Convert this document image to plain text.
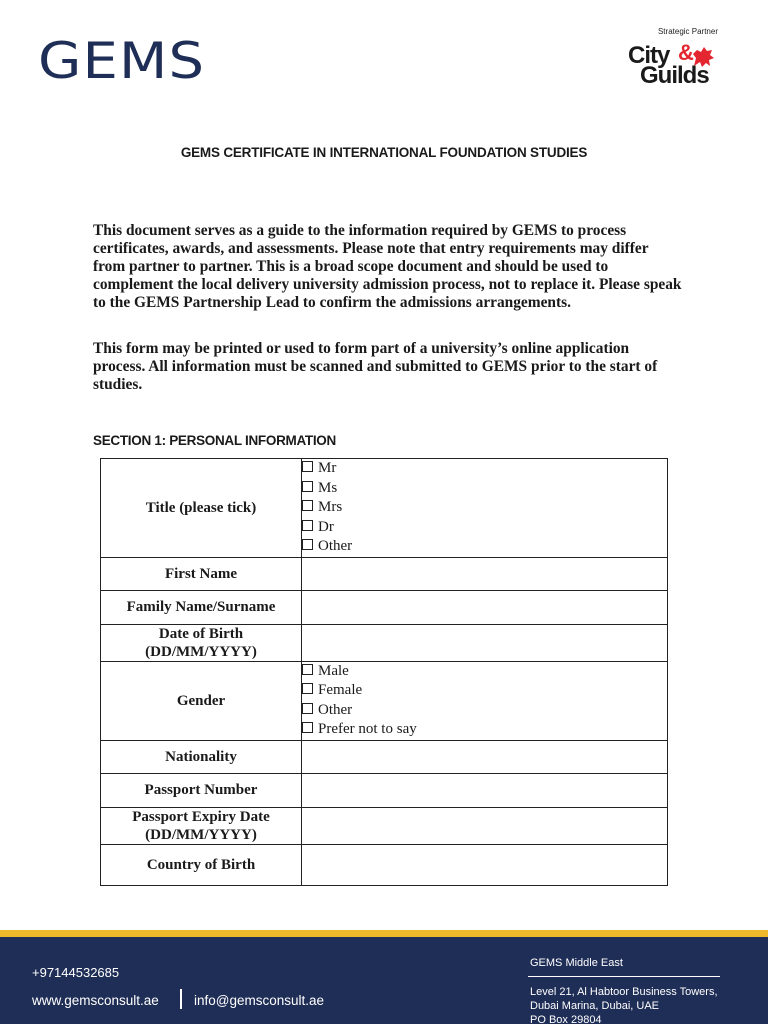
GEMS
Strategic Partner
City &
Guilds
GEMS CERTIFICATE IN INTERNATIONAL FOUNDATION STUDIES

This document serves as a guide to the information required by GEMS to process certificates, awards, and assessments. Please note that entry requirements may differ from partner to partner. This is a broad scope document and should be used to complement the local delivery university admission process, not to replace it. Please speak to the GEMS Partnership Lead to confirm the admissions arrangements.

This form may be printed or used to form part of a university’s online application process. All information must be scanned and submitted to GEMS prior to the start of studies.

SECTION 1: PERSONAL INFORMATION
Title (please tick)	Mr
Ms
Mrs
Dr
Other

First Name	
Family Name/Surname	

Date of Birth
(DD/MM/YYYY)	

Gender	Male
Female
Other
Prefer not to say

Nationality	
Passport Number	

Passport Expiry Date
(DD/MM/YYYY)	

Country of Birth	
+97144532685
www.gemsconsult.ae	info@gemsconsult.ae
GEMS Middle East
Level 21, Al Habtoor Business Towers,
Dubai Marina, Dubai, UAE
PO Box 29804
